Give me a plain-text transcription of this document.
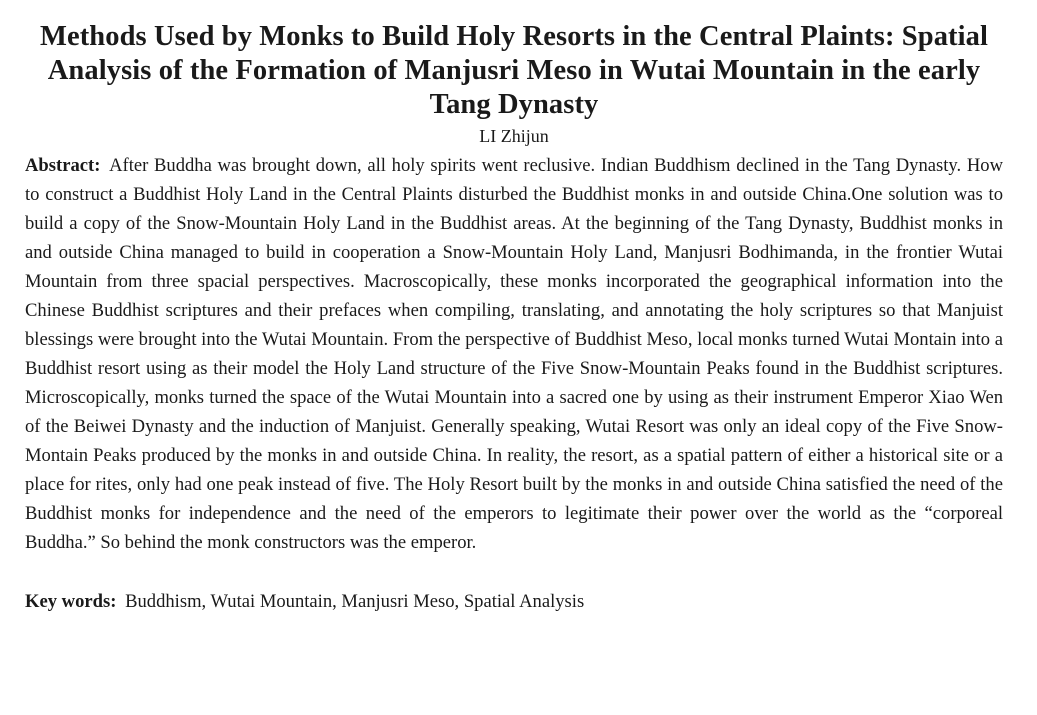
Methods Used by Monks to Build Holy Resorts in the Central Plaints: Spatial Analysis of the Formation of Manjusri Meso in Wutai Mountain in the early Tang Dynasty
LI Zhijun
Abstract: After Buddha was brought down, all holy spirits went reclusive. Indian Buddhism declined in the Tang Dynasty. How to construct a Buddhist Holy Land in the Central Plaints disturbed the Buddhist monks in and outside China.One solution was to build a copy of the Snow-Mountain Holy Land in the Buddhist areas. At the beginning of the Tang Dynasty, Buddhist monks in and outside China managed to build in cooperation a Snow-Mountain Holy Land, Manjusri Bodhimanda, in the frontier Wutai Mountain from three spacial perspectives. Macroscopically, these monks incorporated the geographical information into the Chinese Buddhist scriptures and their prefaces when compiling, translating, and annotating the holy scriptures so that Manjuist blessings were brought into the Wutai Mountain. From the perspective of Buddhist Meso, local monks turned Wutai Montain into a Buddhist resort using as their model the Holy Land structure of the Five Snow-Mountain Peaks found in the Buddhist scriptures. Microscopically, monks turned the space of the Wutai Mountain into a sacred one by using as their instrument Emperor Xiao Wen of the Beiwei Dynasty and the induction of Manjuist. Generally speaking, Wutai Resort was only an ideal copy of the Five Snow-Montain Peaks produced by the monks in and outside China. In reality, the resort, as a spatial pattern of either a historical site or a place for rites, only had one peak instead of five. The Holy Resort built by the monks in and outside China satisfied the need of the Buddhist monks for independence and the need of the emperors to legitimate their power over the world as the “corporeal Buddha.” So behind the monk constructors was the emperor.
Key words: Buddhism, Wutai Mountain, Manjusri Meso, Spatial Analysis
